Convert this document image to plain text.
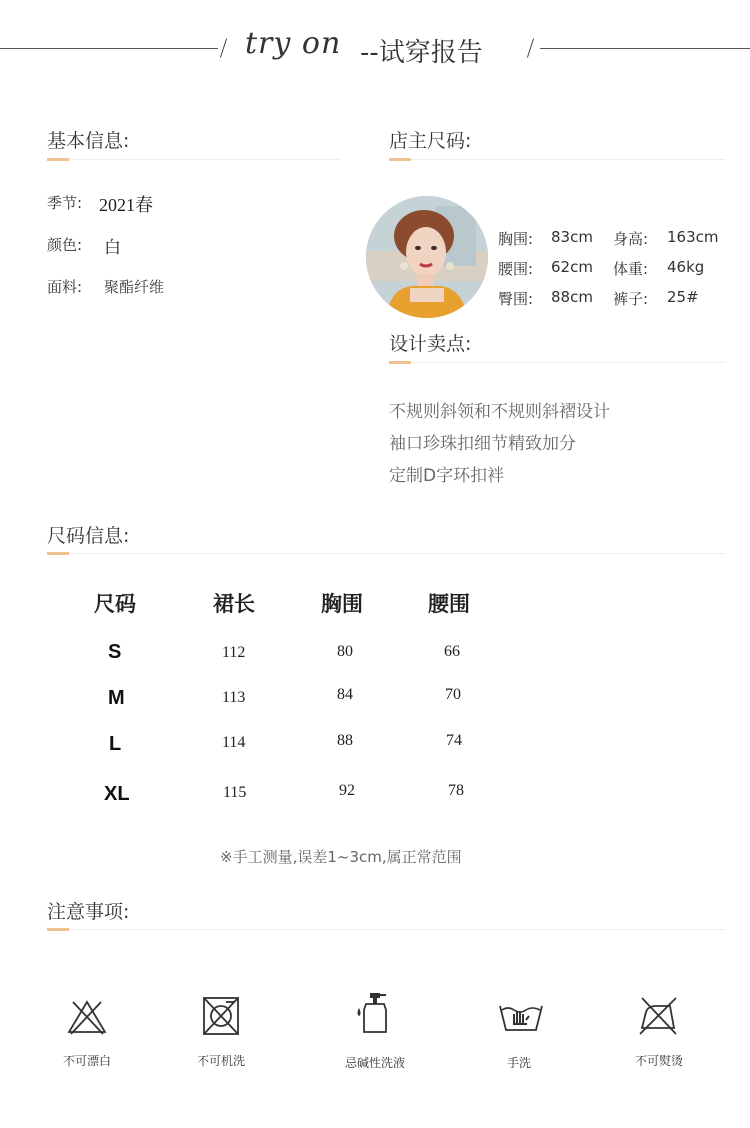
try on --试穿报告
基本信息:
季节: 2021春
颜色: 白
面料: 聚酯纤维
店主尺码:
胸围: 83cm 身高: 163cm
腰围: 62cm 体重: 46kg
臀围: 88cm 裤子: 25#
设计卖点:
不规则斜领和不规则斜褶设计
袖口珍珠扣细节精致加分
定制D字环扣袢
尺码信息:
尺码	裙长	胸围	腰围
S	112	80	66
M	113	84	70
L	114	88	74
XL	115	92	78
※手工测量,误差1~3cm,属正常范围
注意事项:
不可漂白	不可机洗	忌碱性洗液	手洗	不可熨烫
